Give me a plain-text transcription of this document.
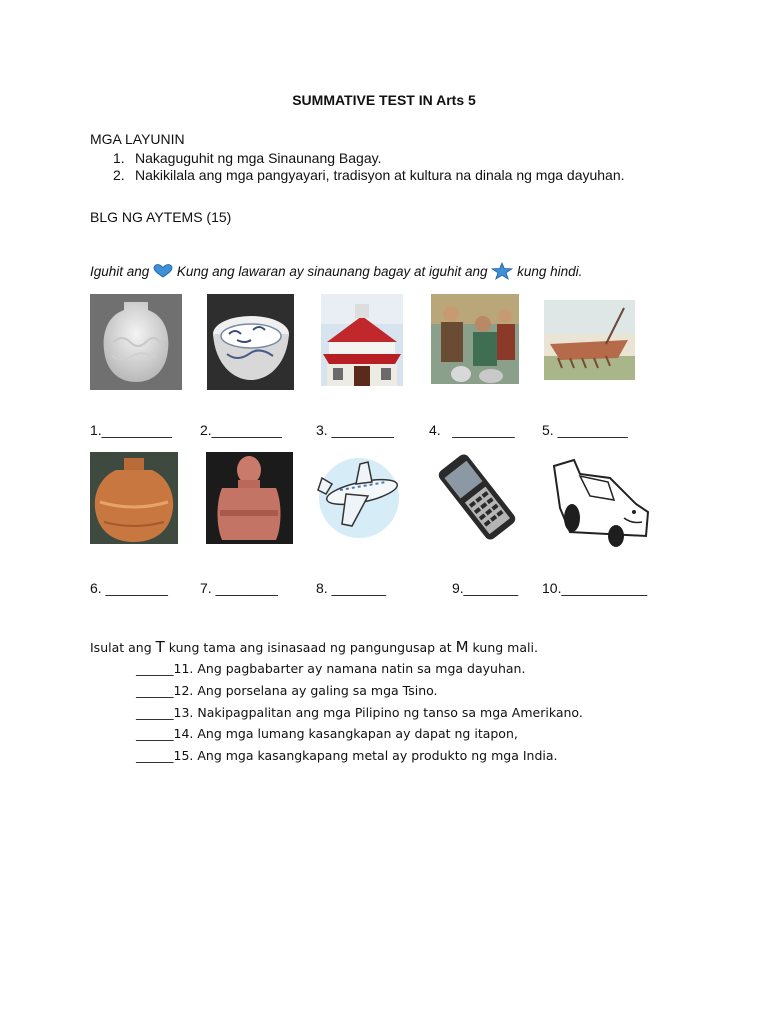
SUMMATIVE TEST IN Arts 5
MGA LAYUNIN
1. Nakaguguhit ng mga Sinaunang Bagay.
2. Nakikilala ang mga pangyayari, tradisyon at kultura na dinala ng mga dayuhan.
BLG NG AYTEMS (15)
Iguhit ang  Kung ang lawaran ay sinaunang bagay at iguhit ang  kung hindi.
1._________ 2._________ 3. ________	4.   ________ 5. _________
6. ________ 7. ________	8. _______	9._______ 10.___________
Isulat ang T kung tama ang isinasaad ng pangungusap at M kung mali.
______11. Ang pagbabarter ay namana natin sa mga dayuhan.
______12. Ang porselana ay galing sa mga Tsino.
______13. Nakipagpalitan ang mga Pilipino ng tanso sa mga Amerikano.
______14. Ang mga lumang kasangkapan ay dapat ng itapon,
______15. Ang mga kasangkapang metal ay produkto ng mga India.
